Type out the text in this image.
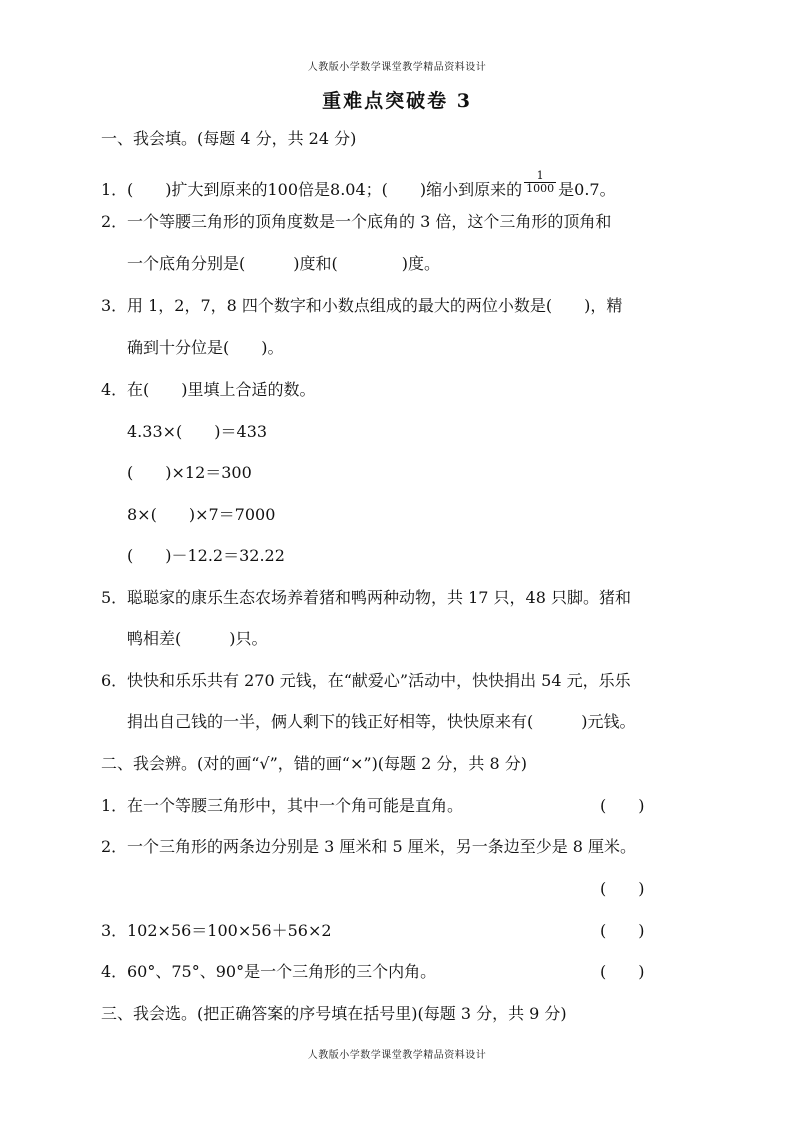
人教版小学数学课堂教学精品资料设计
重难点突破卷 3
一、我会填。(每题 4 分，共 24 分)
1．(　　)扩大到原来的100倍是8.04；(　　)缩小到原来的 $\frac{1}{1000}$ 是0.7。
2．一个等腰三角形的顶角度数是一个底角的 3 倍，这个三角形的顶角和
一个底角分别是(　　　)度和(　　　　)度。
3．用 1，2，7，8 四个数字和小数点组成的最大的两位小数是(　　)，精
确到十分位是(　　)。
4．在(　　)里填上合适的数。
4.33×(　　)＝433
(　　)×12＝300
8×(　　)×7＝7000
(　　)－12.2＝32.22
5．聪聪家的康乐生态农场养着猪和鸭两种动物，共 17 只，48 只脚。猪和
鸭相差(　　　)只。
6．快快和乐乐共有 270 元钱，在“献爱心”活动中，快快捐出 54 元，乐乐
捐出自己钱的一半，俩人剩下的钱正好相等，快快原来有(　　　)元钱。
二、我会辨。(对的画“√”，错的画“×”)(每题 2 分，共 8 分)
1．在一个等腰三角形中，其中一个角可能是直角。	(　　)
2．一个三角形的两条边分别是 3 厘米和 5 厘米，另一条边至少是 8 厘米。
(　　)
3．102×56＝100×56＋56×2	(　　)
4．60°、75°、90°是一个三角形的三个内角。	(　　)
三、我会选。(把正确答案的序号填在括号里)(每题 3 分，共 9 分)
人教版小学数学课堂教学精品资料设计
